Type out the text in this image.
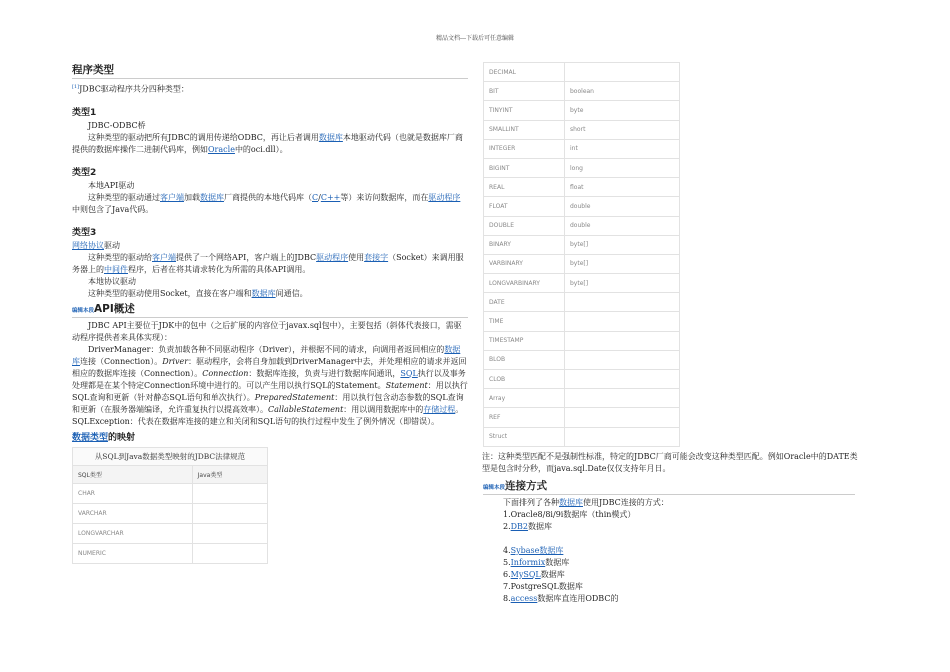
精品文档---下载后可任意编辑
程序类型

[1]JDBC驱动程序共分四种类型：

类型1

JDBC-ODBC桥

这种类型的驱动把所有JDBC的调用传递给ODBC，再让后者调用数据库本地驱动代码（也就是数据库厂商提供的数据库操作二进制代码库，例如Oracle中的oci.dll）。

类型2

本地API驱动

这种类型的驱动通过客户端加载数据库厂商提供的本地代码库（C/C++等）来访问数据库，而在驱动程序中则包含了Java代码。

类型3

网络协议驱动

这种类型的驱动给客户端提供了一个网络API，客户端上的JDBC驱动程序使用套接字（Socket）来调用服务器上的中间件程序，后者在将其请求转化为所需的具体API调用。

本地协议驱动

这种类型的驱动使用Socket，直接在客户端和数据库间通信。

编辑本段API概述

JDBC API主要位于JDK中的包中（之后扩展的内容位于javax.sql包中），主要包括（斜体代表接口，需驱动程序提供者来具体实现）：

DriverManager：负责加载各种不同驱动程序（Driver），并根据不同的请求，向调用者返回相应的数据库连接（Connection）。Driver：驱动程序，会将自身加载到DriverManager中去，并处理相应的请求并返回相应的数据库连接（Connection）。Connection：数据库连接，负责与进行数据库间通讯，SQL执行以及事务处理都是在某个特定Connection环境中进行的。可以产生用以执行SQL的Statement。Statement：用以执行SQL查询和更新（针对静态SQL语句和单次执行）。PreparedStatement：用以执行包含动态参数的SQL查询和更新（在服务器端编译，允许重复执行以提高效率）。CallableStatement：用以调用数据库中的存储过程。

SQLException：代表在数据库连接的建立和关闭和SQL语句的执行过程中发生了例外情况（即错误）。

数据类型的映射
从SQL到Java数据类型映射的JDBC法律规范
SQL类型	Java类型
CHAR	
VARCHAR	
LONGVARCHAR	
NUMERIC	
DECIMAL	
BIT	boolean
TINYINT	byte
SMALLINT	short
INTEGER	int
BIGINT	long
REAL	float
FLOAT	double
DOUBLE	double
BINARY	byte[]
VARBINARY	byte[]
LONGVARBINARY	byte[]
DATE	
TIME	
TIMESTAMP	
BLOB	
CLOB	
Array	
REF	
Struct	

注：这种类型匹配不是强制性标准，特定的JDBC厂商可能会改变这种类型匹配。例如Oracle中的DATE类型是包含时分秒，而java.sql.Date仅仅支持年月日。

编辑本段连接方式

下面排列了各种数据库使用JDBC连接的方式：

1.Oracle8/8i/9i数据库（thin模式）

2.DB2数据库

4.Sybase数据库

5.Informix数据库

6.MySQL数据库

7.PostgreSQL数据库

8.access数据库直连用ODBC的
